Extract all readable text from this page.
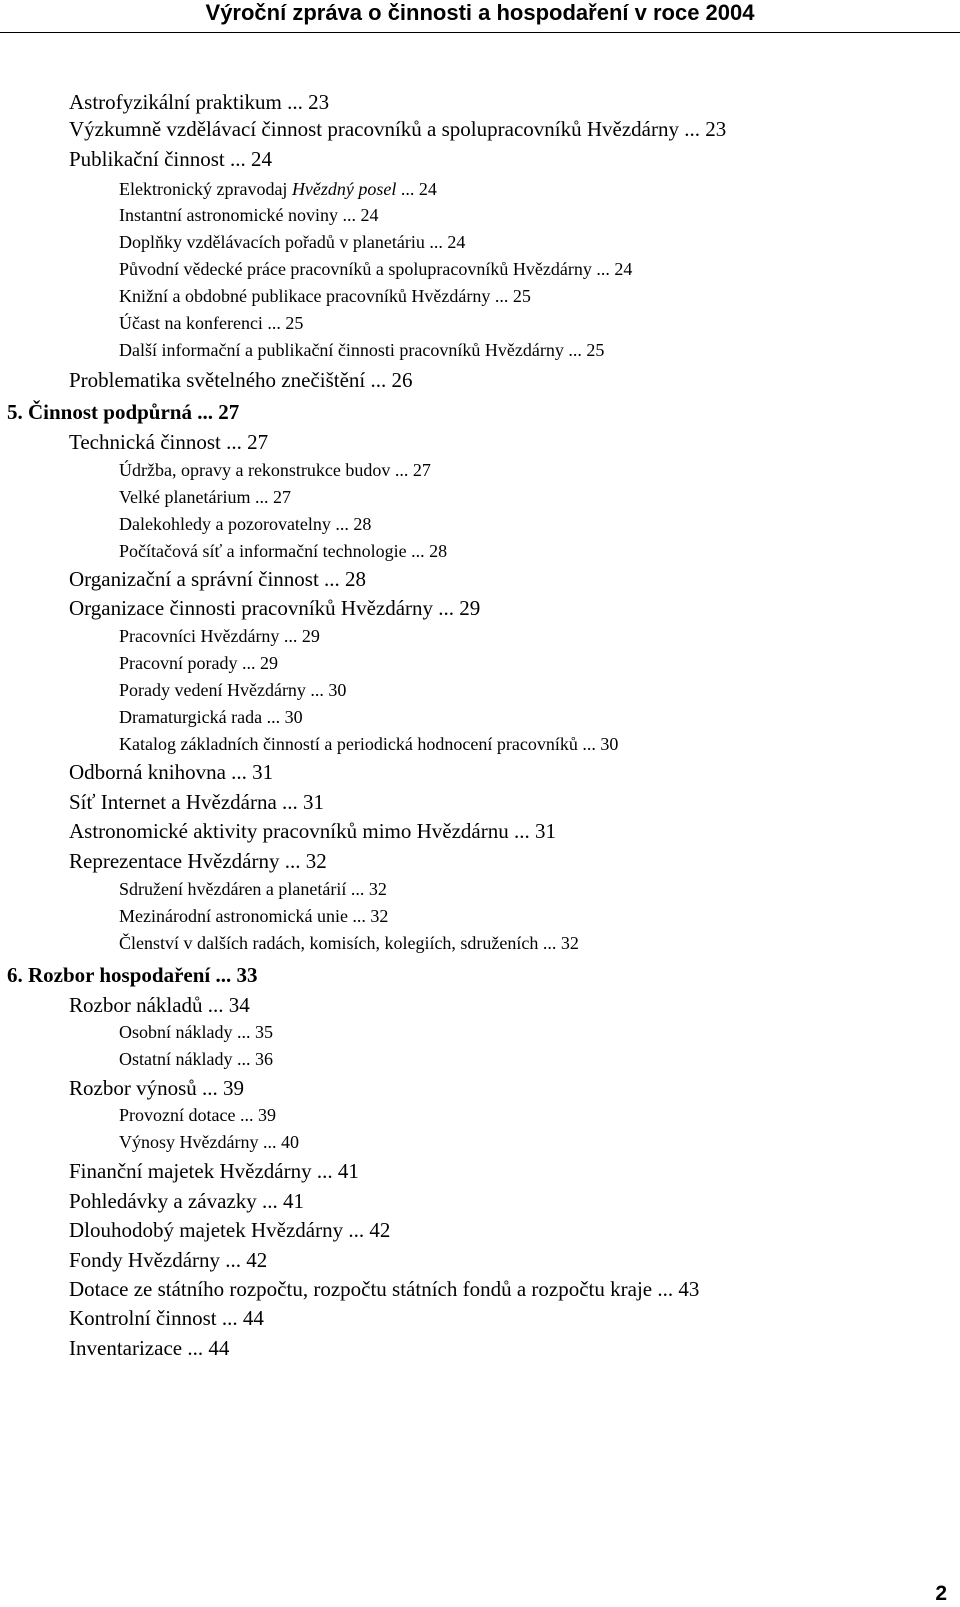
Výroční zpráva o činnosti a hospodaření v roce 2004
Astrofyzikální praktikum ... 23
Výzkumně vzdělávací činnost pracovníků a spolupracovníků Hvězdárny ... 23
Publikační činnost ... 24
Elektronický zpravodaj Hvězdný posel ... 24
Instantní astronomické noviny ... 24
Doplňky vzdělávacích pořadů v planetáriu ... 24
Původní vědecké práce pracovníků a spolupracovníků Hvězdárny ... 24
Knižní a obdobné publikace pracovníků Hvězdárny ... 25
Účast na konferenci ... 25
Další informační a publikační činnosti pracovníků Hvězdárny ... 25
Problematika světelného znečištění ... 26
5. Činnost podpůrná ... 27
Technická činnost ... 27
Údržba, opravy a rekonstrukce budov ... 27
Velké planetárium ... 27
Dalekohledy a pozorovatelny ... 28
Počítačová síť a informační technologie ... 28
Organizační a správní činnost ... 28
Organizace činnosti pracovníků Hvězdárny ... 29
Pracovníci Hvězdárny ... 29
Pracovní porady ... 29
Porady vedení Hvězdárny ... 30
Dramaturgická rada ... 30
Katalog základních činností a periodická hodnocení pracovníků ... 30
Odborná knihovna ... 31
Síť Internet a Hvězdárna ... 31
Astronomické aktivity pracovníků mimo Hvězdárnu ... 31
Reprezentace Hvězdárny ... 32
Sdružení hvězdáren a planetárií ... 32
Mezinárodní astronomická unie ... 32
Členství v dalších radách, komisích, kolegiích, sdruženích ... 32
6. Rozbor hospodaření ... 33
Rozbor nákladů ... 34
Osobní náklady ... 35
Ostatní náklady ... 36
Rozbor výnosů ... 39
Provozní dotace ... 39
Výnosy Hvězdárny ... 40
Finanční majetek Hvězdárny ... 41
Pohledávky a závazky ... 41
Dlouhodobý majetek Hvězdárny ... 42
Fondy Hvězdárny ... 42
Dotace ze státního rozpočtu, rozpočtu státních fondů a rozpočtu kraje ... 43
Kontrolní činnost ... 44
Inventarizace ... 44
2
